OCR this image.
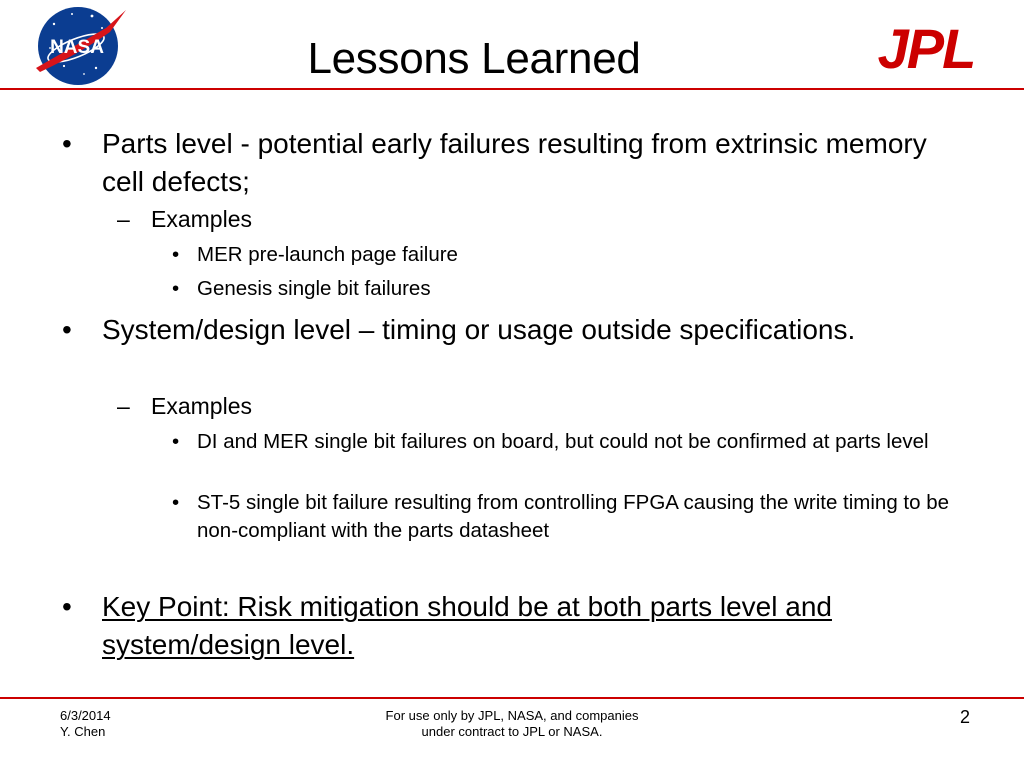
NASA	Lessons Learned	JPL
• Parts level - potential early failures resulting from extrinsic memory cell defects;
– Examples
• MER pre-launch page failure
• Genesis single bit failures
• System/design level – timing or usage outside specifications.
– Examples
• DI and MER single bit failures on board, but could not be confirmed at parts level
• ST-5 single bit failure resulting from controlling FPGA causing the write timing to be non-compliant with the parts datasheet
• Key Point: Risk mitigation should be at both parts level and system/design level.
6/3/2014
Y. Chen
For use only by JPL, NASA, and companies
under contract to JPL or NASA.
2
